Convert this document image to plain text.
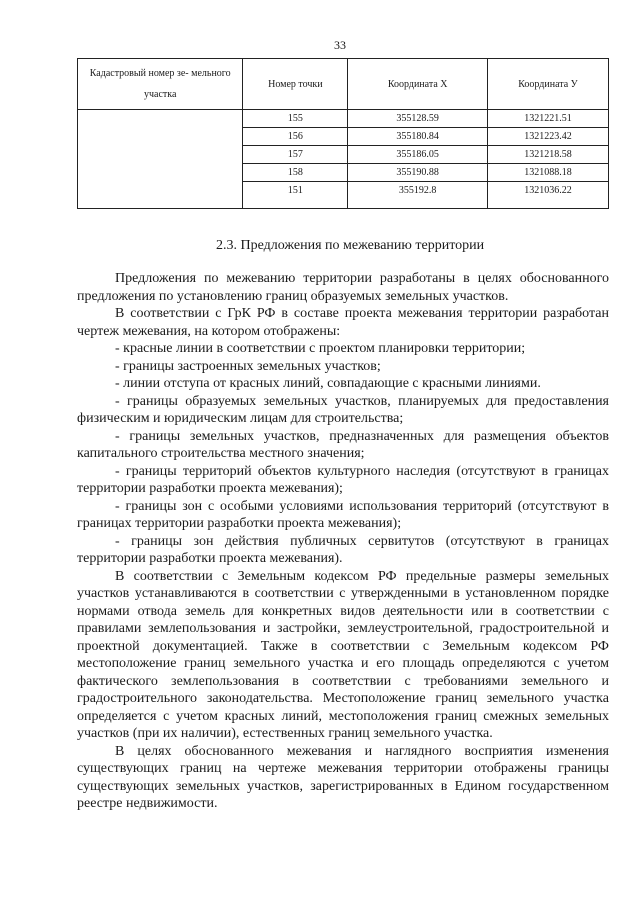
33
Кадастровый номер зе- мельного участка	Номер точки	Координата Х	Координата У
	155	355128.59	1321221.51
	156	355180.84	1321223.42
	157	355186.05	1321218.58
	158	355190.88	1321088.18
	151	355192.8	1321036.22
2.3. Предложения по межеванию территории

Предложения по межеванию территории разработаны в целях обоснованного предложения по установлению границ образуемых земельных участков.

В соответствии с ГрК РФ в составе проекта межевания территории разработан чертеж межевания, на котором отображены:

- красные линии в соответствии с проектом планировки территории;

- границы застроенных земельных участков;

- линии отступа от красных линий, совпадающие с красными линиями.

- границы образуемых земельных участков, планируемых для предоставления физическим и юридическим лицам для строительства;

- границы земельных участков, предназначенных для размещения объектов капитального строительства местного значения;

- границы территорий объектов культурного наследия (отсутствуют в границах территории разработки проекта межевания);

- границы зон с особыми условиями использования территорий (отсутствуют в границах территории разработки проекта межевания);

- границы зон действия публичных сервитутов (отсутствуют в границах территории разработки проекта межевания).

В соответствии с Земельным кодексом РФ предельные размеры земельных участков устанавливаются в соответствии с утвержденными в установленном порядке нормами отвода земель для конкретных видов деятельности или в соответствии с правилами землепользования и застройки, землеустроительной, градостроительной и проектной документацией. Также в соответствии с Земельным кодексом РФ местоположение границ земельного участка и его площадь определяются с учетом фактического землепользования в соответствии с требованиями земельного и градостроительного законодательства. Местоположение границ земельного участка определяется с учетом красных линий, местоположения границ смежных земельных участков (при их наличии), естественных границ земельного участка.

В целях обоснованного межевания и наглядного восприятия изменения существующих границ на чертеже межевания территории отображены границы существующих земельных участков, зарегистрированных в Едином государственном реестре недвижимости.
